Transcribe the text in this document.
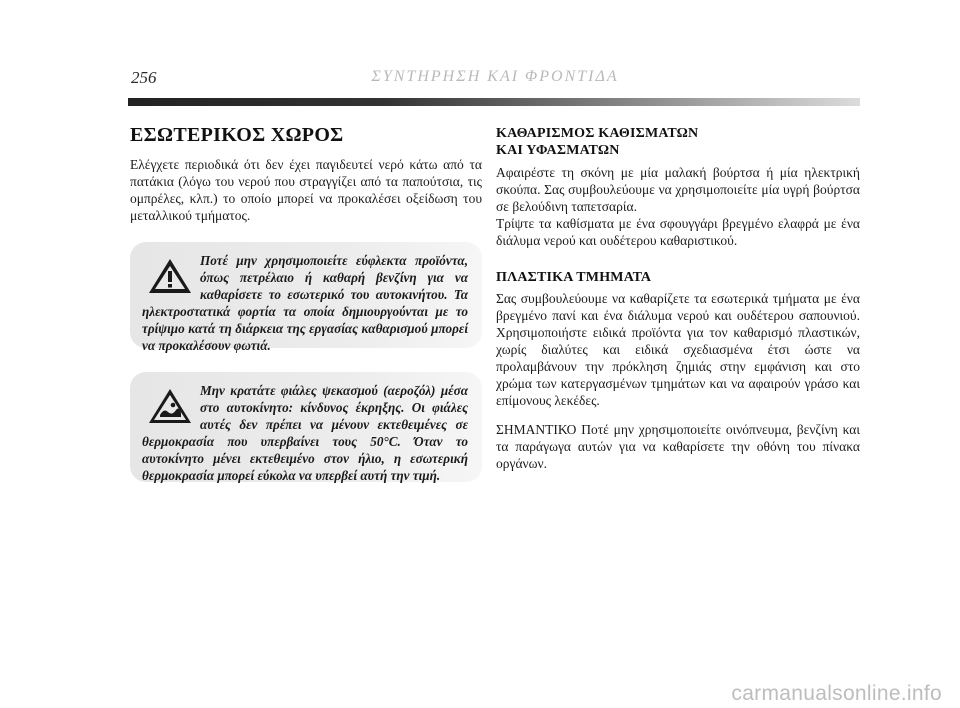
256	ΣΥΝΤΗΡΗΣΗ ΚΑΙ ΦΡΟΝΤΙΔΑ
ΕΣΩΤΕΡΙΚΟΣ ΧΩΡΟΣ

Ελέγχετε περιοδικά ότι δεν έχει παγιδευτεί νερό κάτω από τα πατάκια (λόγω του νερού που στραγγίζει από τα παπούτσια, τις ομπρέλες, κλπ.) το οποίο μπορεί να προκαλέσει οξείδωση του μεταλλικού τμήματος.

Ποτέ μην χρησιμοποιείτε εύφλεκτα προϊόντα, όπως πετρέλαιο ή καθαρή βενζίνη για να καθαρίσετε το εσωτερικό του αυτοκινήτου. Τα ηλεκτροστατικά φορτία τα οποία δημιουργούνται με το τρίψιμο κατά τη διάρκεια της εργασίας καθαρισμού μπορεί να προκαλέσουν φωτιά.

Μην κρατάτε φιάλες ψεκασμού (αεροζόλ) μέσα στο αυτοκίνητο: κίνδυνος έκρηξης. Οι φιάλες αυτές δεν πρέπει να μένουν εκτεθειμένες σε θερμοκρασία που υπερβαίνει τους 50°C. Όταν το αυτοκίνητο μένει εκτεθειμένο στον ήλιο, η εσωτερική θερμοκρασία μπορεί εύκολα να υπερβεί αυτή την τιμή.

ΚΑΘΑΡΙΣΜΟΣ ΚΑΘΙΣΜΑΤΩΝ
ΚΑΙ ΥΦΑΣΜΑΤΩΝ

Αφαιρέστε τη σκόνη με μία μαλακή βούρτσα ή μία ηλεκτρική σκούπα. Σας συμβουλεύουμε να χρησιμοποιείτε μία υγρή βούρτσα σε βελούδινη ταπετσαρία.

Τρίψτε τα καθίσματα με ένα σφουγγάρι βρεγμένο ελαφρά με ένα διάλυμα νερού και ουδέτερου καθαριστικού.

ΠΛΑΣΤΙΚΑ ΤΜΗΜΑΤΑ

Σας συμβουλεύουμε να καθαρίζετε τα εσωτερικά τμήματα με ένα βρεγμένο πανί και ένα διάλυμα νερού και ουδέτερου σαπουνιού. Χρησιμοποιήστε ειδικά προϊόντα για τον καθαρισμό πλαστικών, χωρίς διαλύτες και ειδικά σχεδιασμένα έτσι ώστε να προλαμβάνουν την πρόκληση ζημιάς στην εμφάνιση και στο χρώμα των κατεργασμένων τμημάτων και να αφαιρούν γράσο και επίμονους λεκέδες.

ΣΗΜΑΝΤΙΚΟ Ποτέ μην χρησιμοποιείτε οινόπνευμα, βενζίνη και τα παράγωγα αυτών για να καθαρίσετε την οθόνη του πίνακα οργάνων.

carmanualsonline.info
